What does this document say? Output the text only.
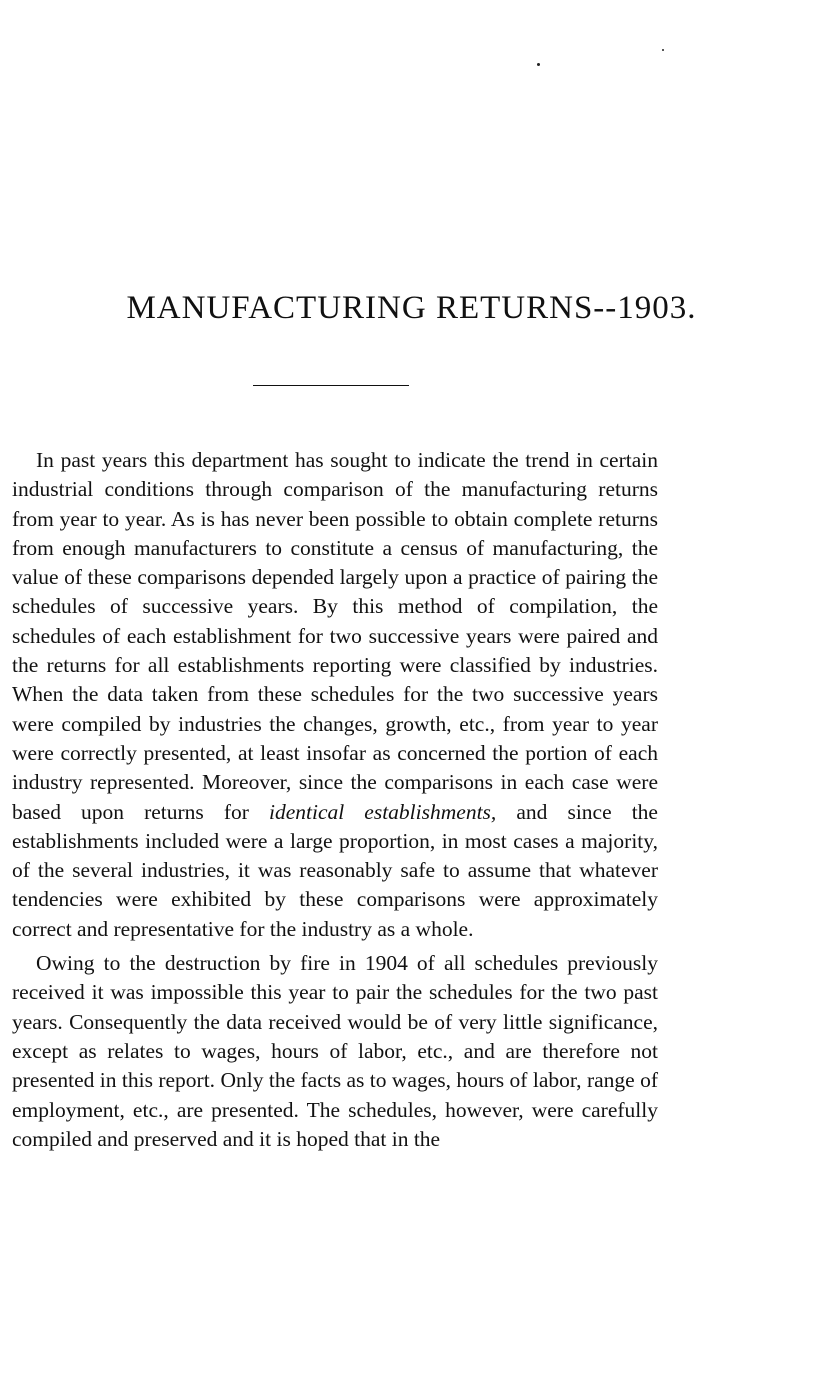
MANUFACTURING RETURNS--1903.

In past years this department has sought to indicate the trend in certain industrial conditions through comparison of the manufacturing returns from year to year. As is has never been possible to obtain complete returns from enough manufacturers to constitute a census of manufacturing, the value of these comparisons depended largely upon a practice of pairing the schedules of successive years. By this method of compilation, the schedules of each establishment for two successive years were paired and the returns for all establishments reporting were classified by industries. When the data taken from these schedules for the two successive years were compiled by industries the changes, growth, etc., from year to year were correctly presented, at least insofar as concerned the portion of each industry represented. Moreover, since the comparisons in each case were based upon returns for identical establishments, and since the establishments included were a large proportion, in most cases a majority, of the several industries, it was reasonably safe to assume that whatever tendencies were exhibited by these comparisons were approximately correct and representative for the industry as a whole.

Owing to the destruction by fire in 1904 of all schedules previously received it was impossible this year to pair the schedules for the two past years. Consequently the data received would be of very little significance, except as relates to wages, hours of labor, etc., and are therefore not presented in this report. Only the facts as to wages, hours of labor, range of employment, etc., are presented. The schedules, however, were carefully compiled and preserved and it is hoped that in the
